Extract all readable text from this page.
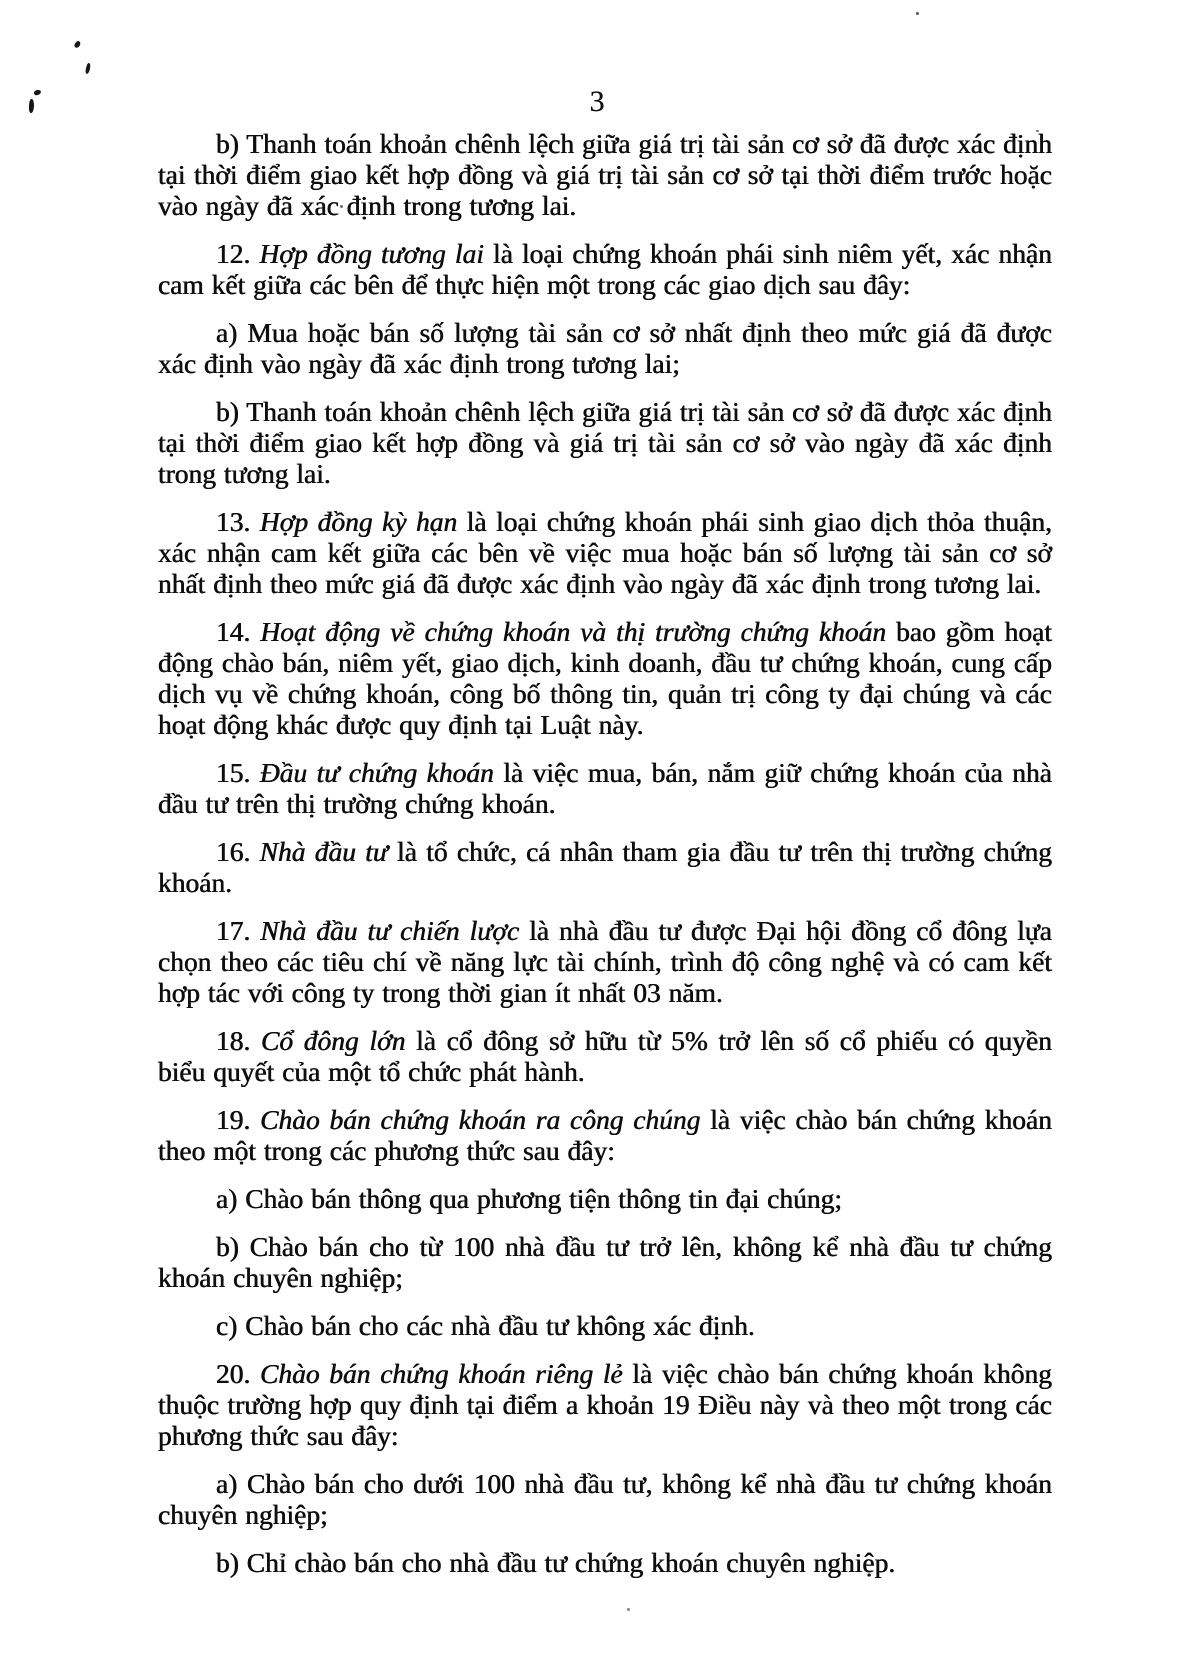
3

b) Thanh toán khoản chênh lệch giữa giá trị tài sản cơ sở đã được xác định tại thời điểm giao kết hợp đồng và giá trị tài sản cơ sở tại thời điểm trước hoặc vào ngày đã xác định trong tương lai.

12. Hợp đồng tương lai là loại chứng khoán phái sinh niêm yết, xác nhận cam kết giữa các bên để thực hiện một trong các giao dịch sau đây:

a) Mua hoặc bán số lượng tài sản cơ sở nhất định theo mức giá đã được xác định vào ngày đã xác định trong tương lai;

b) Thanh toán khoản chênh lệch giữa giá trị tài sản cơ sở đã được xác định tại thời điểm giao kết hợp đồng và giá trị tài sản cơ sở vào ngày đã xác định trong tương lai.

13. Hợp đồng kỳ hạn là loại chứng khoán phái sinh giao dịch thỏa thuận, xác nhận cam kết giữa các bên về việc mua hoặc bán số lượng tài sản cơ sở nhất định theo mức giá đã được xác định vào ngày đã xác định trong tương lai.

14. Hoạt động về chứng khoán và thị trường chứng khoán bao gồm hoạt động chào bán, niêm yết, giao dịch, kinh doanh, đầu tư chứng khoán, cung cấp dịch vụ về chứng khoán, công bố thông tin, quản trị công ty đại chúng và các hoạt động khác được quy định tại Luật này.

15. Đầu tư chứng khoán là việc mua, bán, nắm giữ chứng khoán của nhà đầu tư trên thị trường chứng khoán.

16. Nhà đầu tư là tổ chức, cá nhân tham gia đầu tư trên thị trường chứng khoán.

17. Nhà đầu tư chiến lược là nhà đầu tư được Đại hội đồng cổ đông lựa chọn theo các tiêu chí về năng lực tài chính, trình độ công nghệ và có cam kết hợp tác với công ty trong thời gian ít nhất 03 năm.

18. Cổ đông lớn là cổ đông sở hữu từ 5% trở lên số cổ phiếu có quyền biểu quyết của một tổ chức phát hành.

19. Chào bán chứng khoán ra công chúng là việc chào bán chứng khoán theo một trong các phương thức sau đây:

a) Chào bán thông qua phương tiện thông tin đại chúng;

b) Chào bán cho từ 100 nhà đầu tư trở lên, không kể nhà đầu tư chứng khoán chuyên nghiệp;

c) Chào bán cho các nhà đầu tư không xác định.

20. Chào bán chứng khoán riêng lẻ là việc chào bán chứng khoán không thuộc trường hợp quy định tại điểm a khoản 19 Điều này và theo một trong các phương thức sau đây:

a) Chào bán cho dưới 100 nhà đầu tư, không kể nhà đầu tư chứng khoán chuyên nghiệp;

b) Chỉ chào bán cho nhà đầu tư chứng khoán chuyên nghiệp.
